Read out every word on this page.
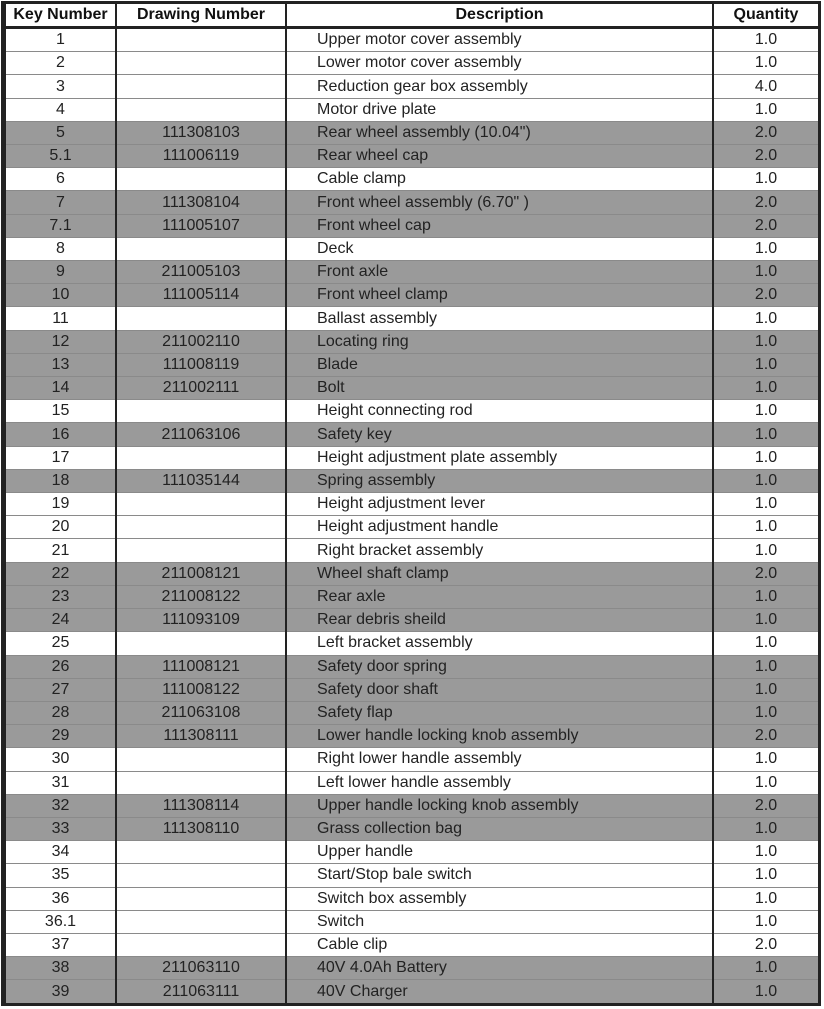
Key Number	Drawing Number	Description	Quantity
1		Upper motor cover assembly	1.0
2		Lower motor cover assembly	1.0
3		Reduction gear box assembly	4.0
4		Motor drive plate	1.0
5	111308103	Rear wheel assembly (10.04")	2.0
5.1	111006119	Rear wheel cap	2.0
6		Cable clamp	1.0
7	111308104	Front wheel assembly (6.70" )	2.0
7.1	111005107	Front wheel cap	2.0
8		Deck	1.0
9	211005103	Front axle	1.0
10	111005114	Front wheel clamp	2.0
11		Ballast assembly	1.0
12	211002110	Locating ring	1.0
13	111008119	Blade	1.0
14	211002111	Bolt	1.0
15		Height connecting rod	1.0
16	211063106	Safety key	1.0
17		Height adjustment plate assembly	1.0
18	111035144	Spring assembly	1.0
19		Height adjustment lever	1.0
20		Height adjustment handle	1.0
21		Right bracket assembly	1.0
22	211008121	Wheel shaft clamp	2.0
23	211008122	Rear axle	1.0
24	111093109	Rear debris sheild	1.0
25		Left bracket assembly	1.0
26	111008121	Safety door spring	1.0
27	111008122	Safety door shaft	1.0
28	211063108	Safety flap	1.0
29	111308111	Lower handle locking knob assembly	2.0
30		Right lower handle assembly	1.0
31		Left lower handle assembly	1.0
32	111308114	Upper handle locking knob assembly	2.0
33	111308110	Grass collection bag	1.0
34		Upper handle	1.0
35		Start/Stop bale switch	1.0
36		Switch box assembly	1.0
36.1		Switch	1.0
37		Cable clip	2.0
38	211063110	40V 4.0Ah Battery	1.0
39	211063111	40V Charger	1.0
